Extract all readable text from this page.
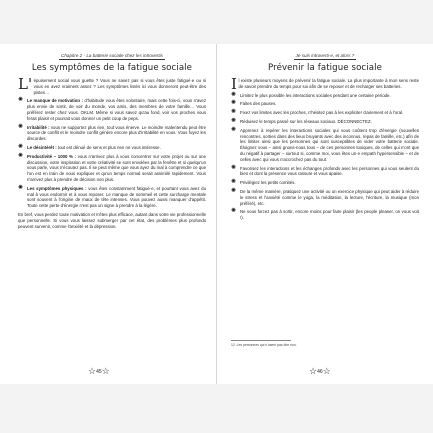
Chapitre 2 · La batterie sociale chez les introvertis
Les symptômes de la fatigue sociale

L' épuisement social vous guette ? Vous ne savez pas si vous êtes juste fatigué·e ou si vous en avez vraiment assez ? Les symptômes listés ici vous donneront peut-être des pistes…

✺ Le manque de motivation : d'habitude vous êtes volontaire, mais cette fois-ci, vous n'avez plus envie de sortir, de voir du monde, vos amis, des membres de votre famille… Vous préférez rester chez vous. OKLM. Même si vous savez qu'au fond, voir vos proches vous ferait plaisir et pourrait vous donner un petit coup de peps.
✺ Irritabilité : vous ne supportez plus rien, tout vous énerve. Le moindre malentendu peut être source de conflit et le moindre conflit génère encore plus d'irritabilité en vous. Vous fuyez les discordes.
✺ Le désintérêt : tout est dénué de sens et plus rien ne vous intéresse.
✺ Productivité – 1000 % : vous n'arrivez plus à vous concentrer sur votre projet ou sur une discussion, votre inspiration et votre créativité se sont envolées par la fenêtre et si quelqu'un vous parle, vous n'écoutez pas. Il se peut même que vous ayez du mal à comprendre ce que l'on est en train de vous expliquer et qu'un temps normal serait assimilé rapidement. Vous n'arrivez plus à prendre de décision non plus.
✺ Les symptômes physiques : vous êtes constamment fatigué·e, et pourtant vous avez du mal à vous endormir et à vous reposer. Le manque de sommeil et cette surcharge mentale sont souvent à l'origine de maux de tête intenses. Vous pouvez aussi manquer d'appétit. Toute cette perte d'énergie n'est pas un signe à prendre à la légère.

En bref, vous perdez toute motivation et n'êtes plus efficace, autant dans votre vie professionnelle que personnelle. Si vous vous laissez submerger par cet état, des problèmes plus profonds peuvent survenir, comme l'anxiété et la dépression.

☆45☆
Je suis introverti·e, et alors ?
Prévenir la fatigue sociale

Il existe plusieurs moyens de prévenir la fatigue sociale. La plus importante à mon sens reste de savoir prendre du temps pour soi afin de se reposer et de recharger ses batteries.

✺ Limitez le plus possible les interactions sociales pendant une certaine période.
✺ Faites des pauses.
✺ Fixez vos limites avec les proches, n'hésitez pas à les expliciter clairement et à l'oral.
✺ Réduisez le temps passé sur les réseaux sociaux. DÉCONNECTEZ.
✺ Apprenez à repérer les interactions sociales qui vous coûtent trop d'énergie (nouvelles rencontres, sorties dans des lieux bruyants avec des inconnus, repas de famille, etc.) afin de les limiter ainsi que les personnes qui sont susceptibles de vider votre batterie sociale. Éloignez vous – ainsi gnons-nous tous – de ces personnes toxiques, de celles qui n'ont que du négatif à partager – surtout si, comme moi, vous êtes un·e empath hypersensible – et de celles avec qui vous n'accrochez pas du tout.
✺ Favorisez les interactions et les échanges profonds avec les personnes qui vous seulent du bien et dont la présence vous rassure et vous apaise.
✺ Privilégiez les petits comités.
✺ De la même manière, pratiquez une activité ou un exercice physique qui peut aider à réduire le stress et l'anxiété comme le yoga, la méditation, la lecture, l'écriture, la musique (mon préféré), etc.
✺ Ne vous forcez pas à sortir, encore moins pour faire plaisir (les people pleaser, on vous voit !).
12. Les personnes qui n'osent pas dire non.
☆46☆
